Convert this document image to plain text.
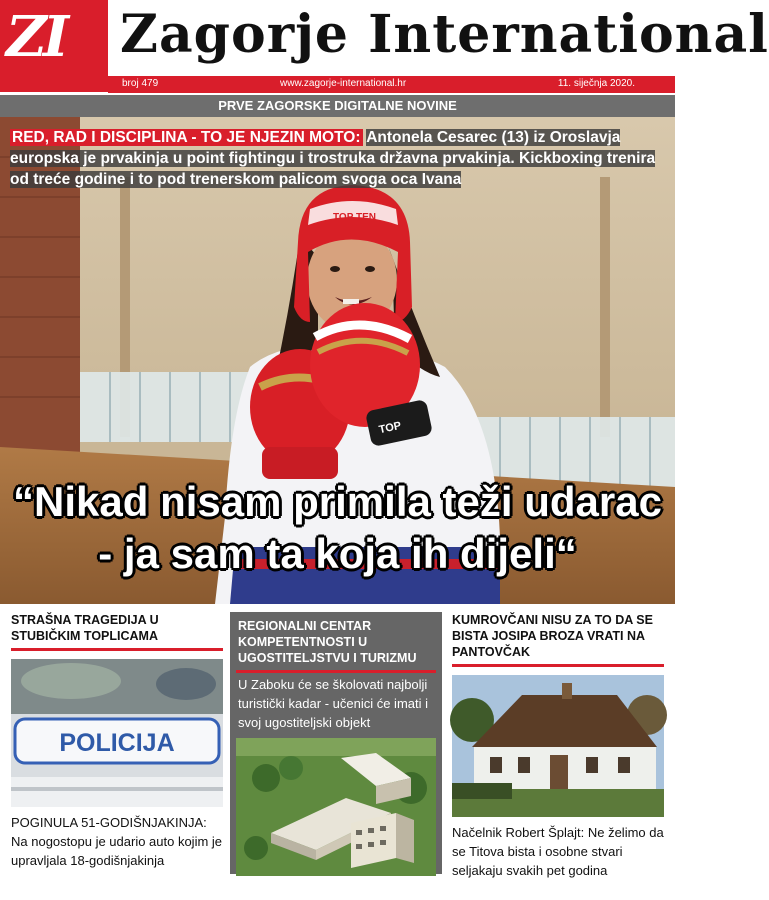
ZI Zagorje International
broj 479	www.zagorje-international.hr	11. siječnja 2020.
PRVE ZAGORSKE DIGITALNE NOVINE
TOP TEN
TOP
RED, RAD I DISCIPLINA - TO JE NJEZIN MOTO: Antonela Cesarec (13) iz Oroslavja europska je prvakinja u point fightingu i trostruka državna prvakinja. Kickboxing trenira od treće godine i to pod trenerskom palicom svoga oca Ivana
“Nikad nisam primila teži udarac
- ja sam ta koja ih dijeli“
STRAŠNA TRAGEDIJA U STUBIČKIM TOPLICAMA
POLICIJA
POGINULA 51-GODIŠNJAKINJA: Na nogostopu je udario auto kojim je upravljala 18-godišnjakinja
REGIONALNI CENTAR KOMPETENTNOSTI U UGOSTITELJSTVU I TURIZMU
U Zaboku će se školovati najbolji turistički kadar - učenici će imati i svoj ugostiteljski objekt
KUMROVČANI NISU ZA TO DA SE BISTA JOSIPA BROZA VRATI NA PANTOVČAK
Načelnik Robert Šplajt: Ne želimo da se Titova bista i osobne stvari seljakaju svakih pet godina
